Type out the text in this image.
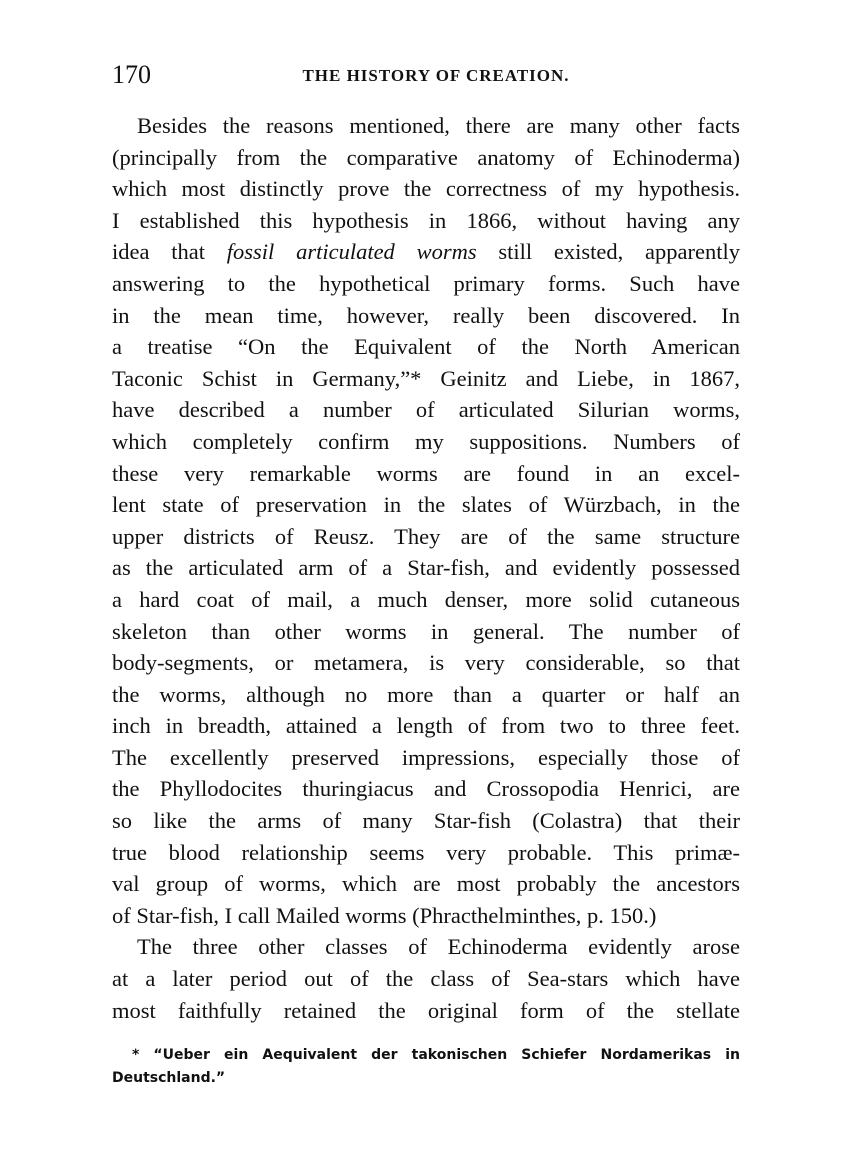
170	THE HISTORY OF CREATION.
Besides the reasons mentioned, there are many other facts
(principally from the comparative anatomy of Echinoderma)
which most distinctly prove the correctness of my hypothesis.
I established this hypothesis in 1866, without having any
idea that fossil articulated worms still existed, apparently
answering to the hypothetical primary forms. Such have
in the mean time, however, really been discovered. In
a treatise “On the Equivalent of the North American
Taconic Schist in Germany,”* Geinitz and Liebe, in 1867,
have described a number of articulated Silurian worms,
which completely confirm my suppositions. Numbers of
these very remarkable worms are found in an excel-
lent state of preservation in the slates of Würzbach, in the
upper districts of Reusz. They are of the same structure
as the articulated arm of a Star-fish, and evidently possessed
a hard coat of mail, a much denser, more solid cutaneous
skeleton than other worms in general. The number of
body-segments, or metamera, is very considerable, so that
the worms, although no more than a quarter or half an
inch in breadth, attained a length of from two to three feet.
The excellently preserved impressions, especially those of
the Phyllodocites thuringiacus and Crossopodia Henrici, are
so like the arms of many Star-fish (Colastra) that their
true blood relationship seems very probable. This primæ-
val group of worms, which are most probably the ancestors
of Star-fish, I call Mailed worms (Phracthelminthes, p. 150.)
The three other classes of Echinoderma evidently arose
at a later period out of the class of Sea-stars which have
most faithfully retained the original form of the stellate
* “Ueber ein Aequivalent der takonischen Schiefer Nordamerikas in
Deutschland.”
